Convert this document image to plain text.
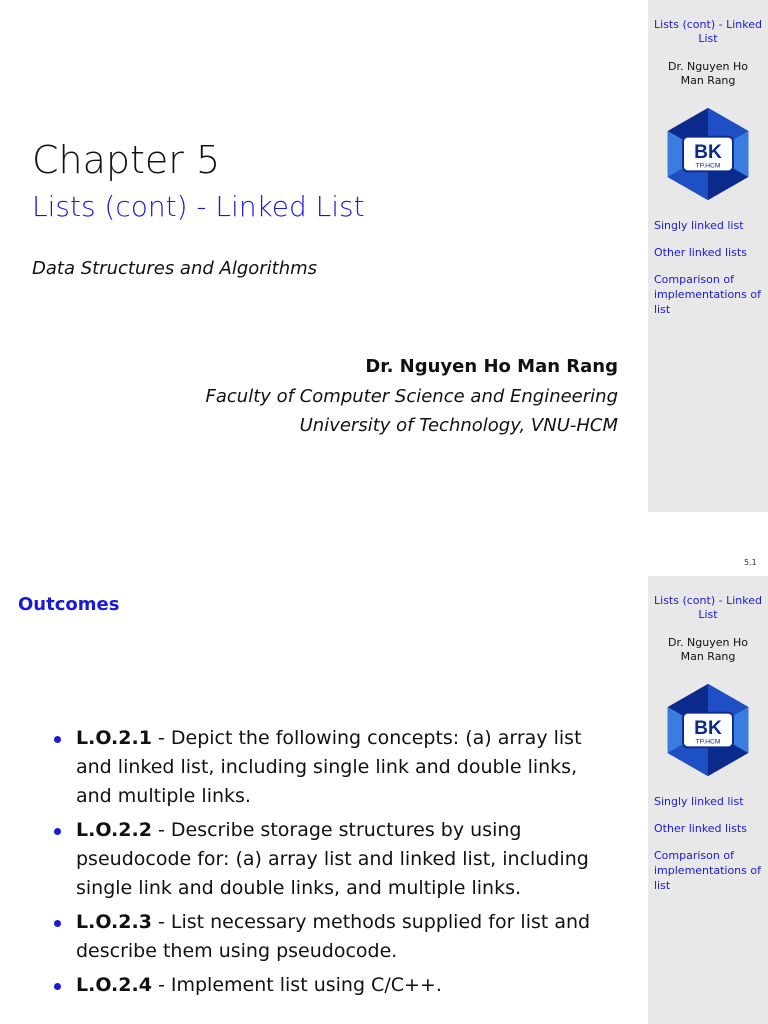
Lists (cont) - Linked
List
Dr. Nguyen Ho
Man Rang
BK
TP.HCM
Singly linked list
Other linked lists
Comparison of implementations of list
Chapter 5
Lists (cont) - Linked List
Data Structures and Algorithms
Dr. Nguyen Ho Man Rang
Faculty of Computer Science and Engineering
University of Technology, VNU-HCM
5.1
Lists (cont) - Linked
List
Dr. Nguyen Ho
Man Rang
BK
TP.HCM
Singly linked list
Other linked lists
Comparison of implementations of list
Outcomes
L.O.2.1 - Depict the following concepts: (a) array list and linked list, including single link and double links, and multiple links.
L.O.2.2 - Describe storage structures by using pseudocode for: (a) array list and linked list, including single link and double links, and multiple links.
L.O.2.3 - List necessary methods supplied for list and describe them using pseudocode.
L.O.2.4 - Implement list using C/C++.
